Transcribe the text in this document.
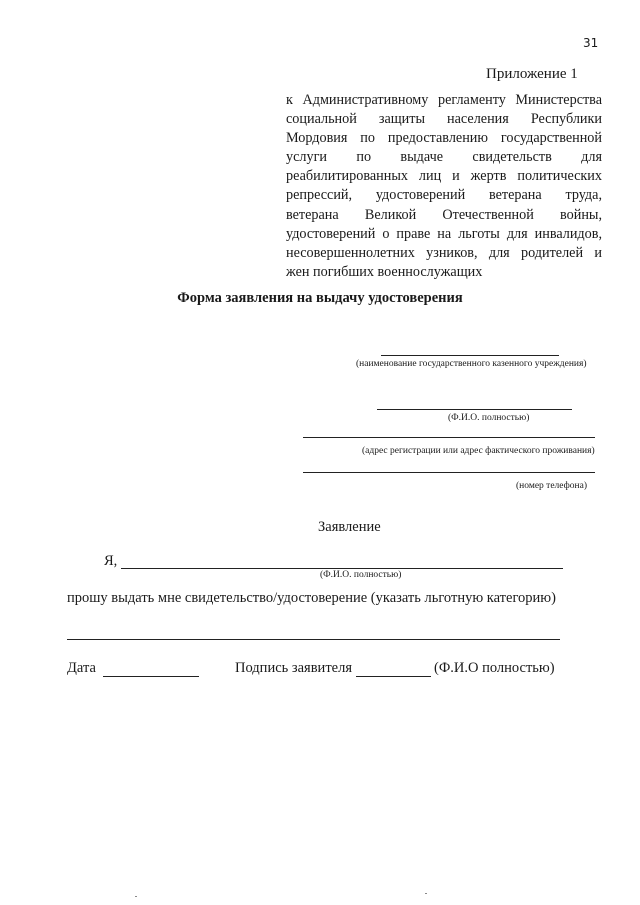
31
Приложение 1
к Административному регламенту Министерства
социальной защиты населения Республики
Мордовия по предоставлению государственной
услуги по выдаче свидетельств для
реабилитированных лиц и жертв политических
репрессий, удостоверений ветерана труда,
ветерана Великой Отечественной войны,
удостоверений о праве на льготы для инвалидов,
несовершеннолетних узников, для родителей и
жен погибших военнослужащих
Форма заявления на выдачу удостоверения
(наименование государственного казенного учреждения)
(Ф.И.О. полностью)
(адрес регистрации или адрес фактического проживания)
(номер телефона)
Заявление
Я,
(Ф.И.О. полностью)
прошу выдать мне свидетельство/удостоверение (указать льготную категорию)
Дата	Подпись заявителя	(Ф.И.О полностью)
